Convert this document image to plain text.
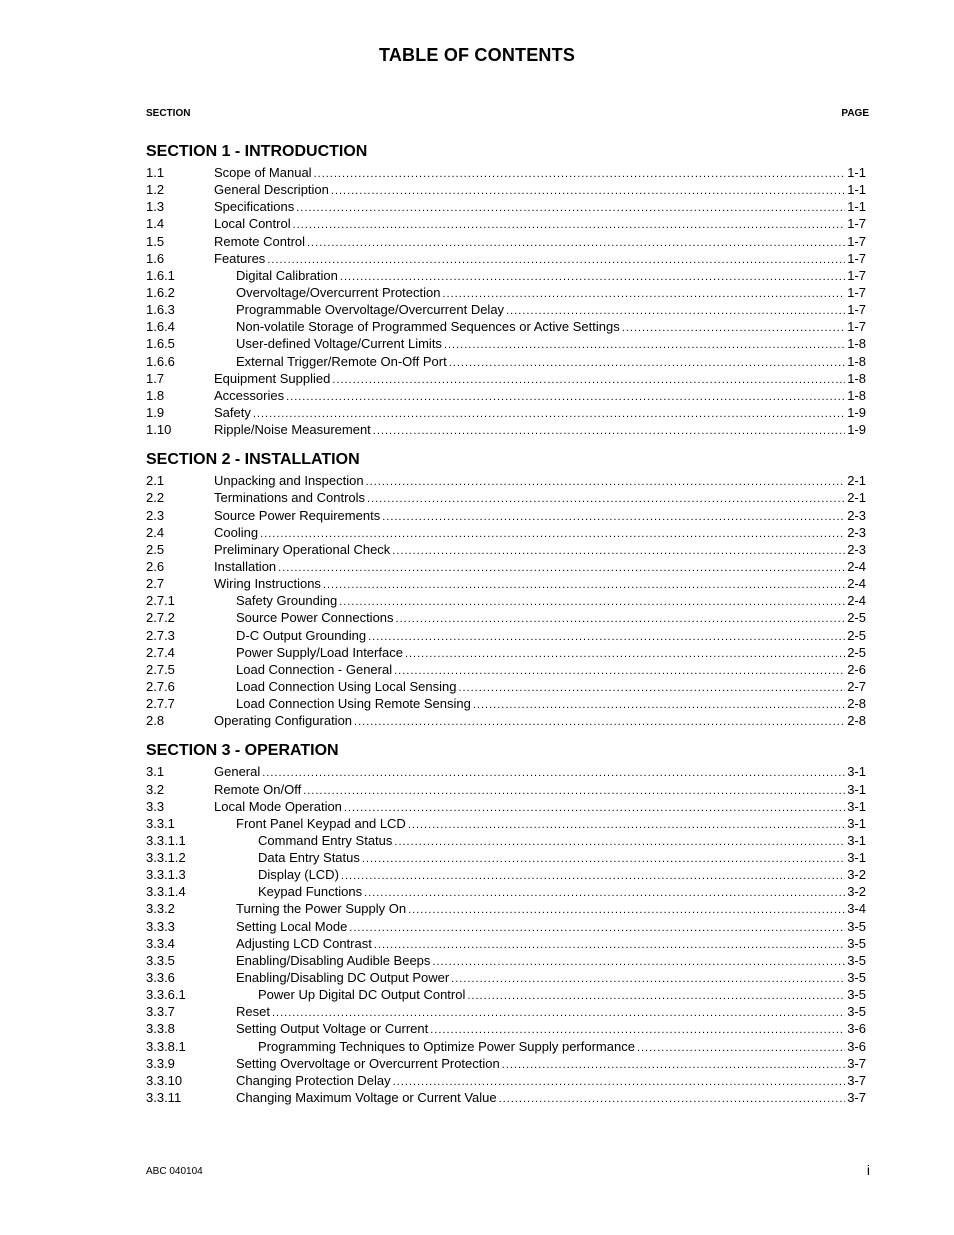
TABLE OF CONTENTS
SECTION	PAGE
SECTION 1 - INTRODUCTION
1.1	Scope of Manual .....	1-1
1.2	General Description .....	1-1
1.3	Specifications .....	1-1
1.4	Local Control .....	1-7
1.5	Remote Control .....	1-7
1.6	Features .....	1-7
1.6.1	Digital Calibration .....	1-7
1.6.2	Overvoltage/Overcurrent Protection .....	1-7
1.6.3	Programmable Overvoltage/Overcurrent Delay .....	1-7
1.6.4	Non-volatile Storage of Programmed Sequences or Active Settings .....	1-7
1.6.5	User-defined Voltage/Current Limits .....	1-8
1.6.6	External Trigger/Remote On-Off Port .....	1-8
1.7	Equipment Supplied .....	1-8
1.8	Accessories .....	1-8
1.9	Safety .....	1-9
1.10	Ripple/Noise Measurement .....	1-9
SECTION 2 - INSTALLATION
2.1	Unpacking and Inspection .....	2-1
2.2	Terminations and Controls .....	2-1
2.3	Source Power Requirements .....	2-3
2.4	Cooling .....	2-3
2.5	Preliminary Operational Check .....	2-3
2.6	Installation .....	2-4
2.7	Wiring Instructions .....	2-4
2.7.1	Safety Grounding .....	2-4
2.7.2	Source Power Connections .....	2-5
2.7.3	D-C Output Grounding .....	2-5
2.7.4	Power Supply/Load Interface .....	2-5
2.7.5	Load Connection - General .....	2-6
2.7.6	Load Connection Using Local Sensing .....	2-7
2.7.7	Load Connection Using Remote Sensing .....	2-8
2.8	Operating Configuration .....	2-8
SECTION 3 - OPERATION
3.1	General .....	3-1
3.2	Remote On/Off .....	3-1
3.3	Local Mode Operation .....	3-1
3.3.1	Front Panel Keypad and LCD .....	3-1
3.3.1.1	Command Entry Status .....	3-1
3.3.1.2	Data Entry Status .....	3-1
3.3.1.3	Display (LCD) .....	3-2
3.3.1.4	Keypad Functions .....	3-2
3.3.2	Turning the Power Supply On .....	3-4
3.3.3	Setting Local Mode .....	3-5
3.3.4	Adjusting LCD Contrast .....	3-5
3.3.5	Enabling/Disabling Audible Beeps .....	3-5
3.3.6	Enabling/Disabling DC Output Power .....	3-5
3.3.6.1	Power Up Digital DC Output Control .....	3-5
3.3.7	Reset .....	3-5
3.3.8	Setting Output Voltage or Current .....	3-6
3.3.8.1	Programming Techniques to Optimize Power Supply performance .....	3-6
3.3.9	Setting Overvoltage or Overcurrent Protection .....	3-7
3.3.10	Changing Protection Delay .....	3-7
3.3.11	Changing Maximum Voltage or Current Value .....	3-7
ABC 040104	i
